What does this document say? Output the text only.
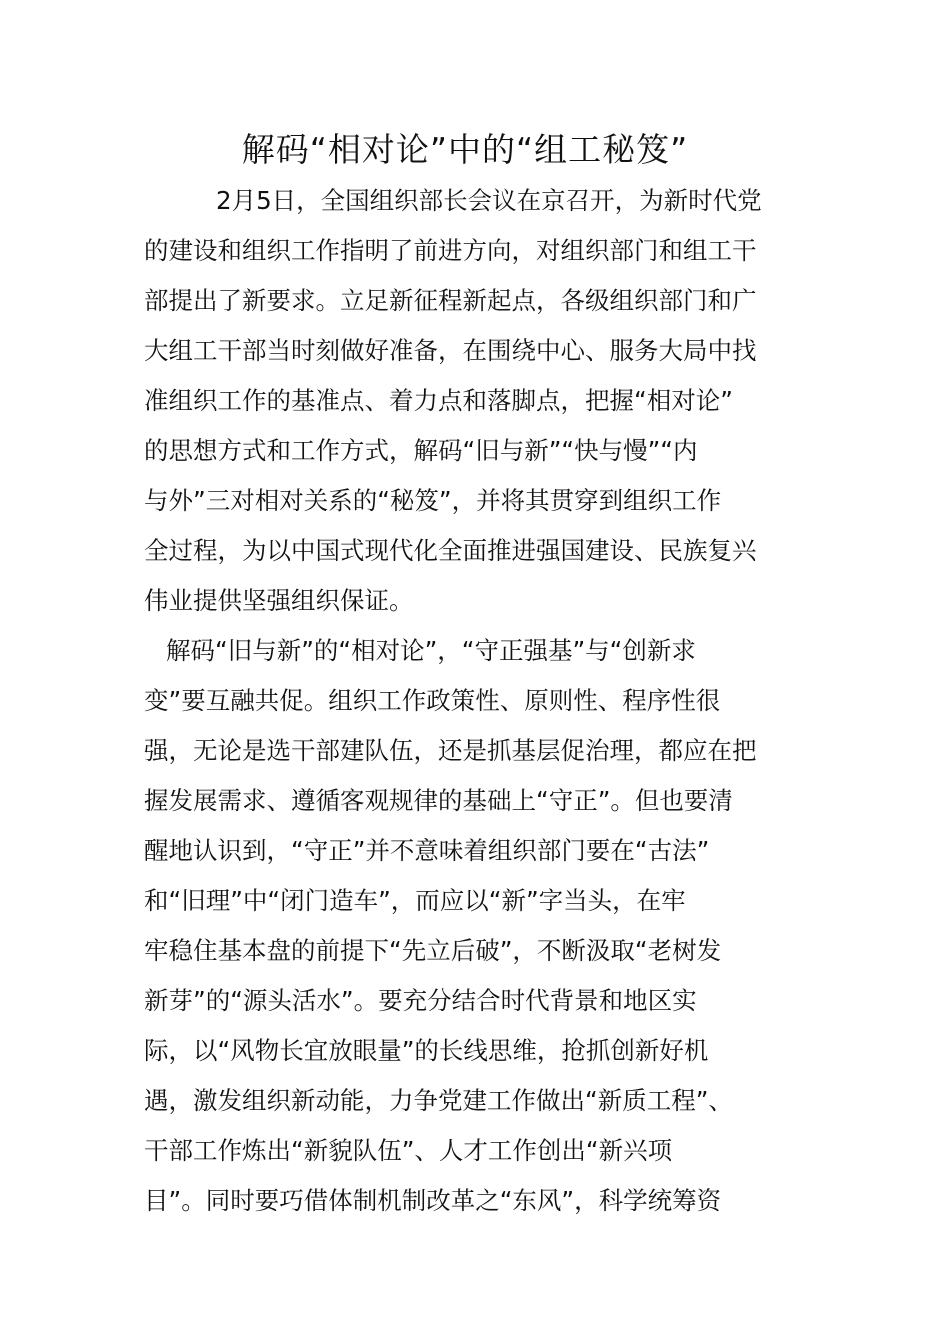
解码“相对论”中的“组工秘笈”
2月5日，全国组织部长会议在京召开，为新时代党
的建设和组织工作指明了前进方向，对组织部门和组工干
部提出了新要求。立足新征程新起点，各级组织部门和广
大组工干部当时刻做好准备，在围绕中心、服务大局中找
准组织工作的基准点、着力点和落脚点，把握“相对论”
的思想方式和工作方式，解码“旧与新”“快与慢”“内
与外”三对相对关系的“秘笈”，并将其贯穿到组织工作
全过程，为以中国式现代化全面推进强国建设、民族复兴
伟业提供坚强组织保证。
解码“旧与新”的“相对论”，“守正强基”与“创新求
变”要互融共促。组织工作政策性、原则性、程序性很
强，无论是选干部建队伍，还是抓基层促治理，都应在把
握发展需求、遵循客观规律的基础上“守正”。但也要清
醒地认识到，“守正”并不意味着组织部门要在“古法”
和“旧理”中“闭门造车”，而应以“新”字当头，在牢
牢稳住基本盘的前提下“先立后破”，不断汲取“老树发
新芽”的“源头活水”。要充分结合时代背景和地区实
际，以“风物长宜放眼量”的长线思维，抢抓创新好机
遇，激发组织新动能，力争党建工作做出“新质工程”、
干部工作炼出“新貌队伍”、人才工作创出“新兴项
目”。同时要巧借体制机制改革之“东风”，科学统筹资
